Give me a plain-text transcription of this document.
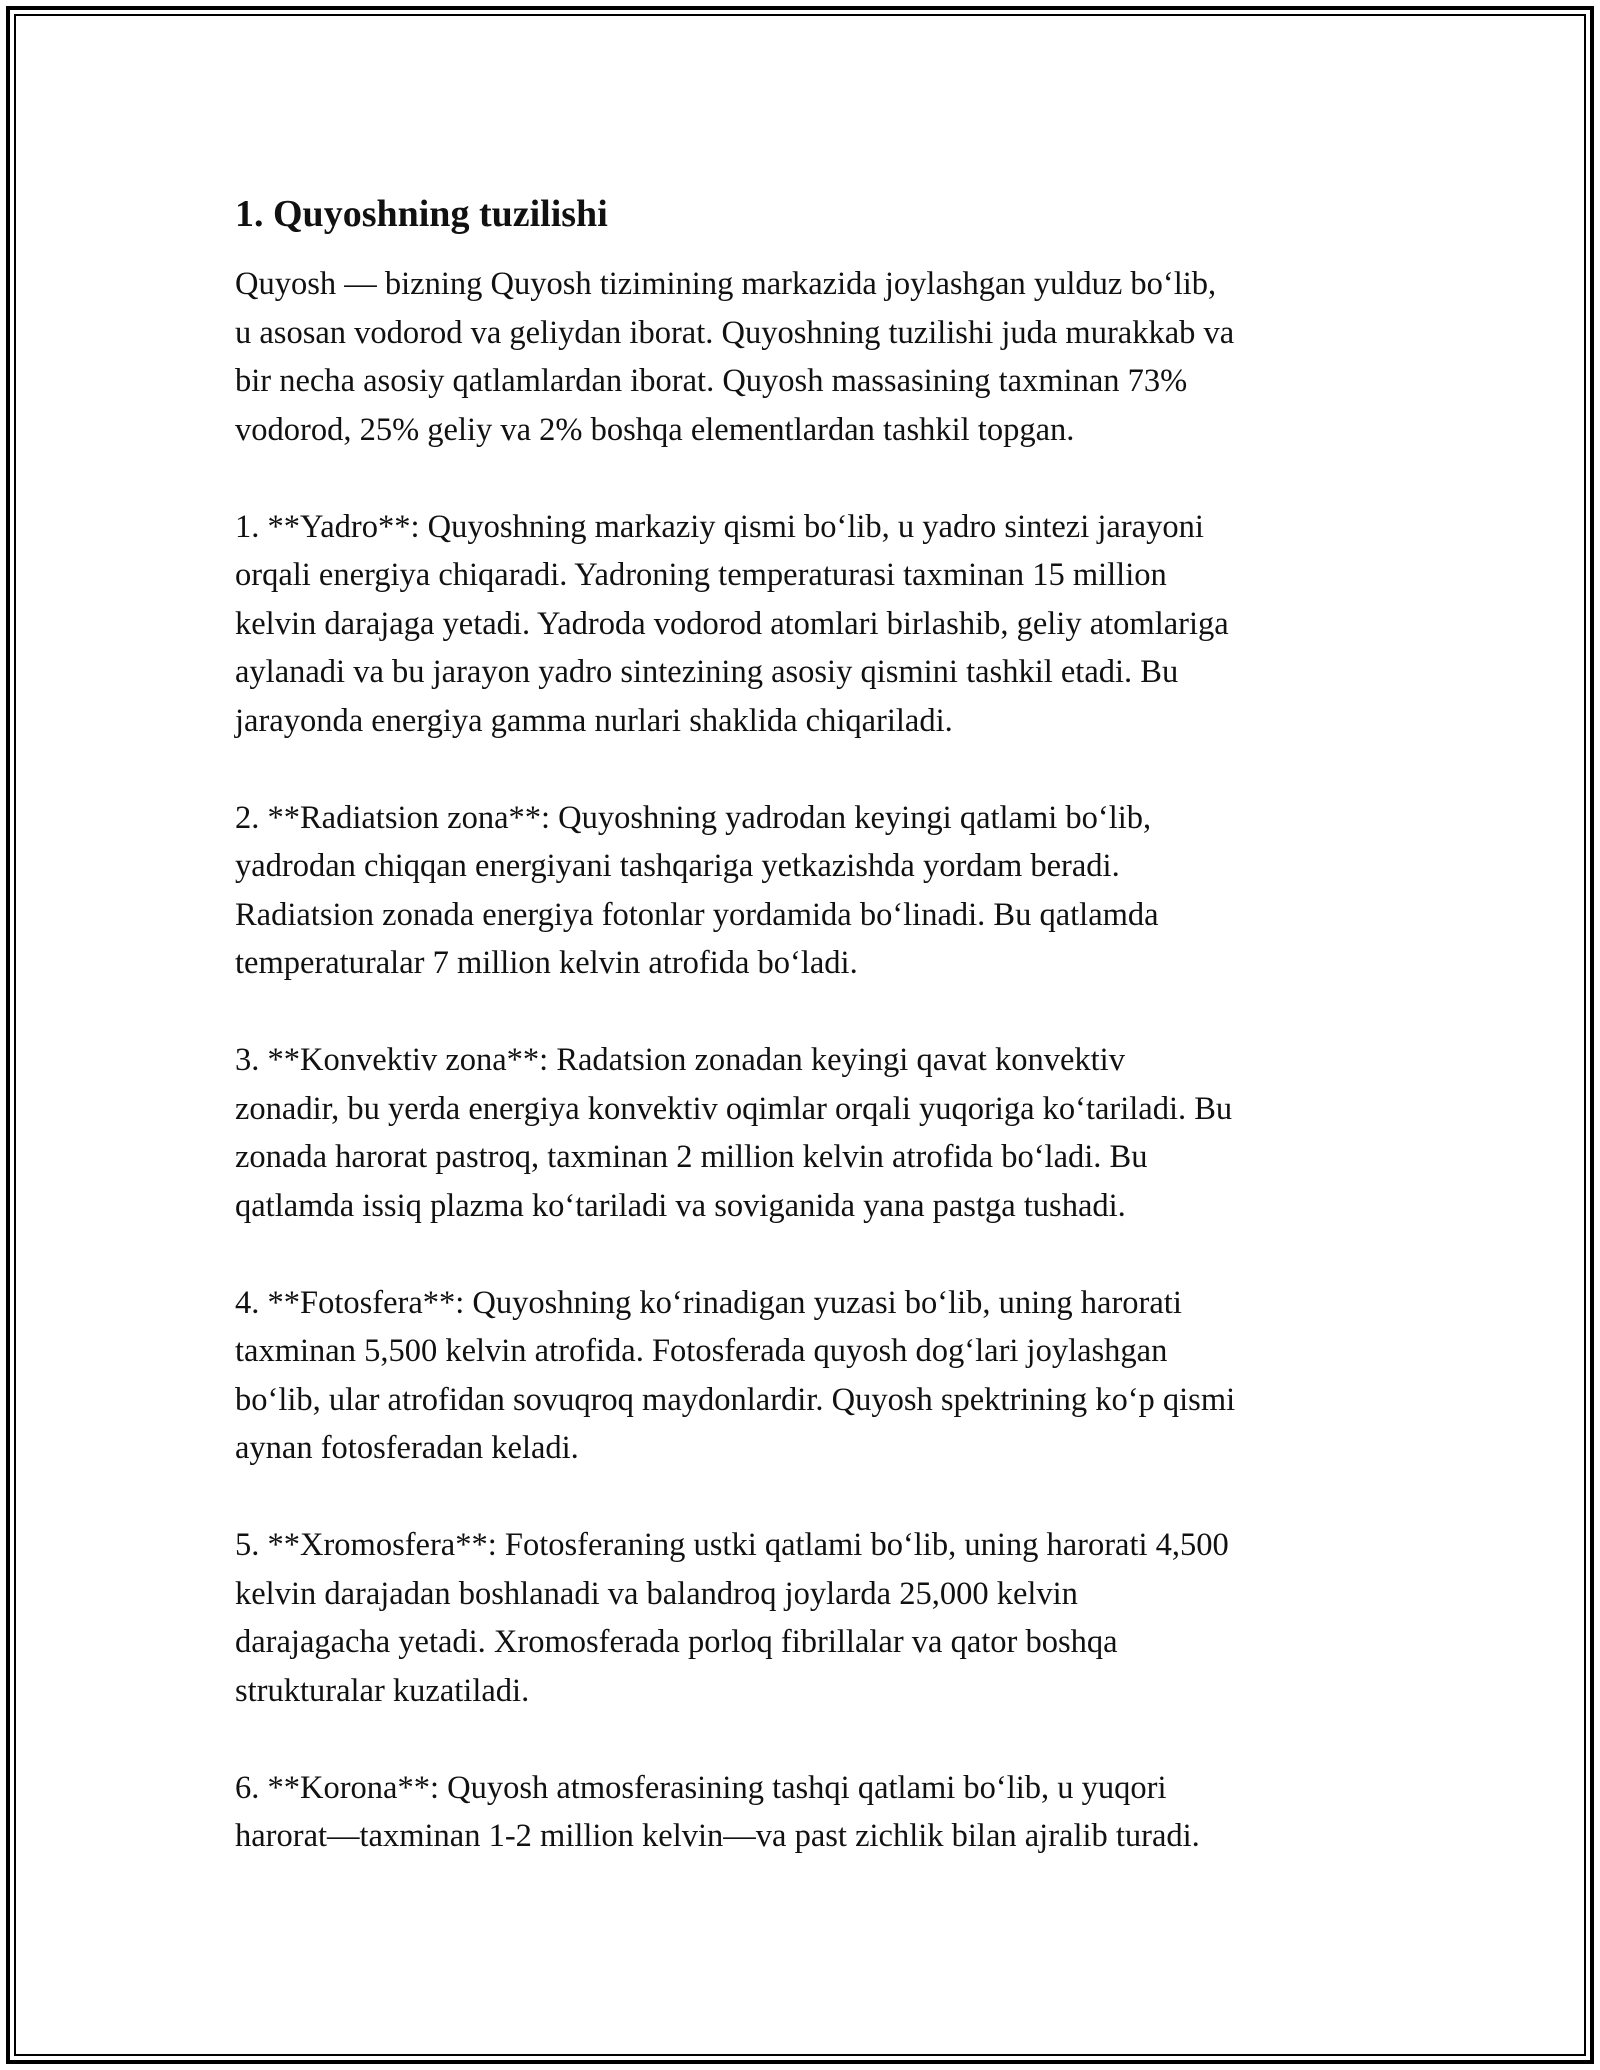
1. Quyoshning tuzilishi
Quyosh — bizning Quyosh tizimining markazida joylashgan yulduz bo‘lib,
u asosan vodorod va geliydan iborat. Quyoshning tuzilishi juda murakkab va
bir necha asosiy qatlamlardan iborat. Quyosh massasining taxminan 73%
vodorod, 25% geliy va 2% boshqa elementlardan tashkil topgan.
1. **Yadro**: Quyoshning markaziy qismi bo‘lib, u yadro sintezi jarayoni
orqali energiya chiqaradi. Yadroning temperaturasi taxminan 15 million
kelvin darajaga yetadi. Yadroda vodorod atomlari birlashib, geliy atomlariga
aylanadi va bu jarayon yadro sintezining asosiy qismini tashkil etadi. Bu
jarayonda energiya gamma nurlari shaklida chiqariladi.
2. **Radiatsion zona**: Quyoshning yadrodan keyingi qatlami bo‘lib,
yadrodan chiqqan energiyani tashqariga yetkazishda yordam beradi.
Radiatsion zonada energiya fotonlar yordamida bo‘linadi. Bu qatlamda
temperaturalar 7 million kelvin atrofida bo‘ladi.
3. **Konvektiv zona**: Radatsion zonadan keyingi qavat konvektiv
zonadir, bu yerda energiya konvektiv oqimlar orqali yuqoriga ko‘tariladi. Bu
zonada harorat pastroq, taxminan 2 million kelvin atrofida bo‘ladi. Bu
qatlamda issiq plazma ko‘tariladi va soviganida yana pastga tushadi.
4. **Fotosfera**: Quyoshning ko‘rinadigan yuzasi bo‘lib, uning harorati
taxminan 5,500 kelvin atrofida. Fotosferada quyosh dog‘lari joylashgan
bo‘lib, ular atrofidan sovuqroq maydonlardir. Quyosh spektrining ko‘p qismi
aynan fotosferadan keladi.
5. **Xromosfera**: Fotosferaning ustki qatlami bo‘lib, uning harorati 4,500
kelvin darajadan boshlanadi va balandroq joylarda 25,000 kelvin
darajagacha yetadi. Xromosferada porloq fibrillalar va qator boshqa
strukturalar kuzatiladi.
6. **Korona**: Quyosh atmosferasining tashqi qatlami bo‘lib, u yuqori
harorat—taxminan 1-2 million kelvin—va past zichlik bilan ajralib turadi.
